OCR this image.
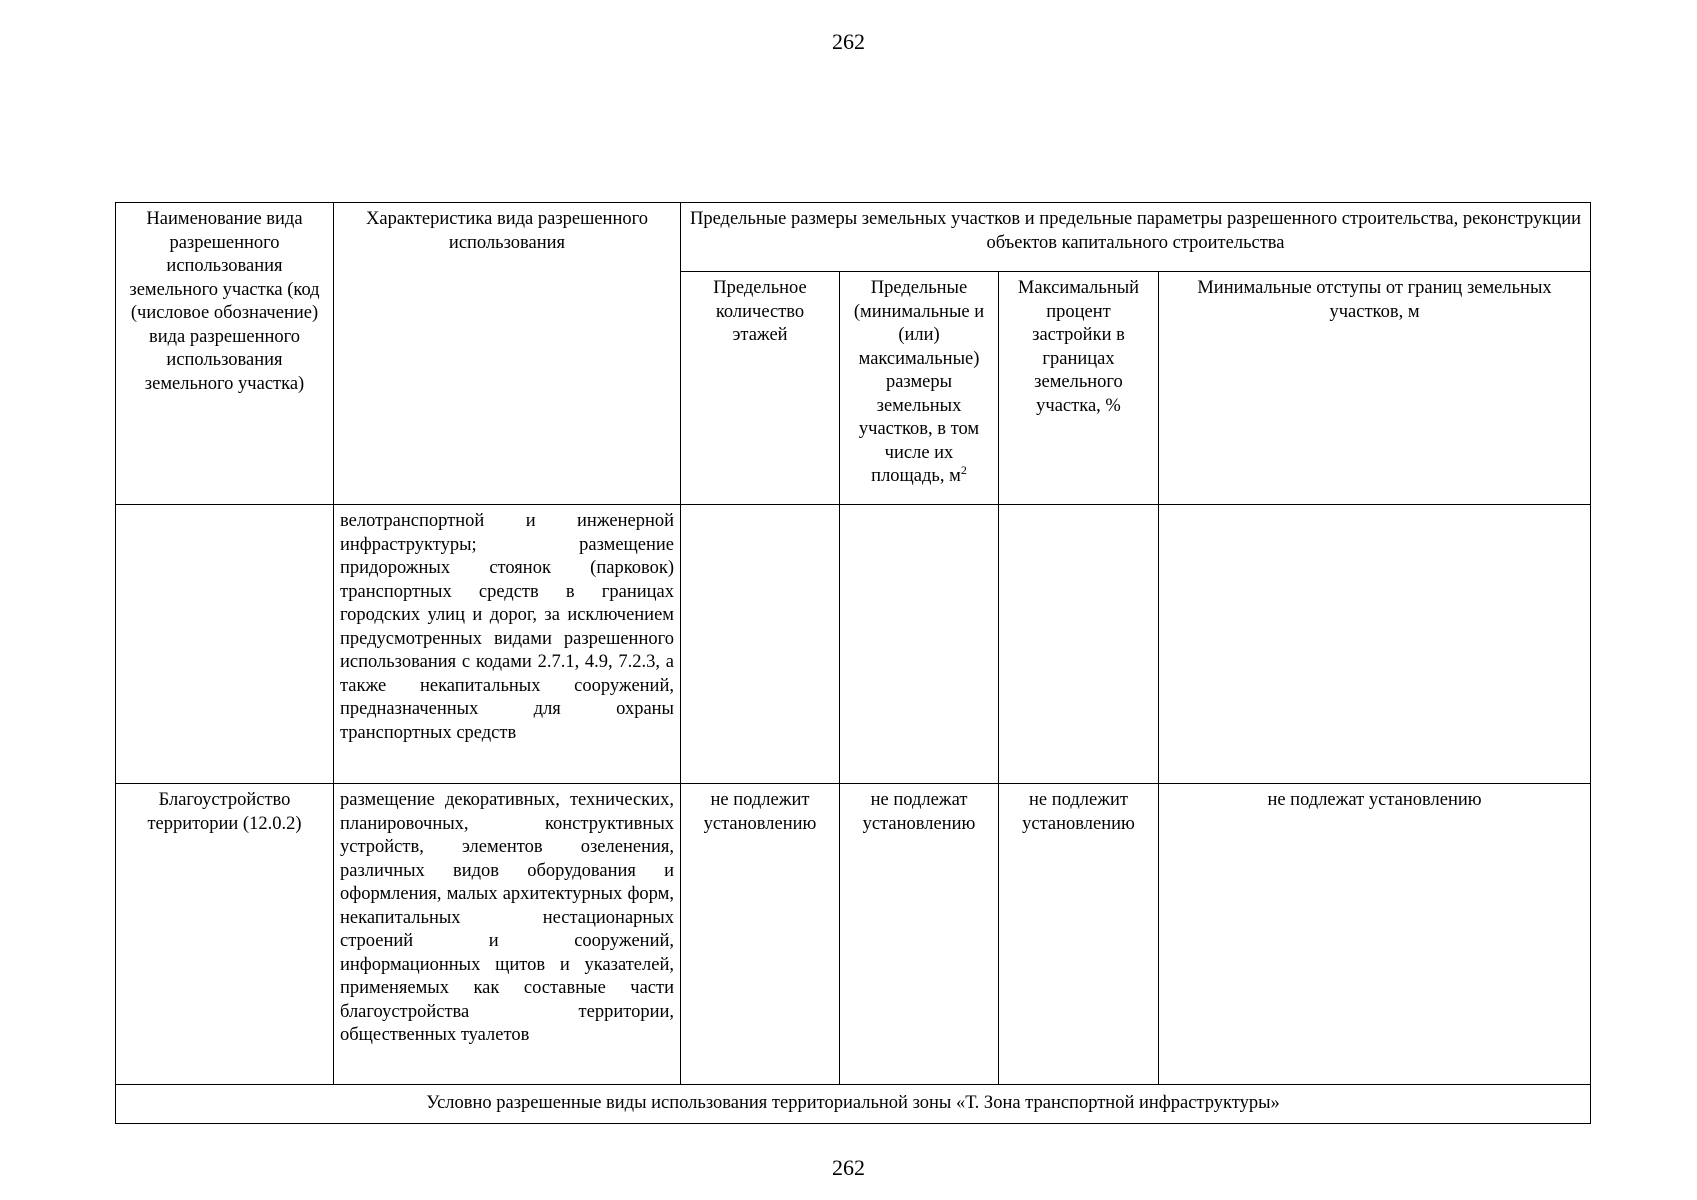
262
Наименование вида разрешенного использования земельного участка (код (числовое обозначение) вида разрешенного использования земельного участка)	Характеристика вида разрешенного использования	Предельные размеры земельных участков и предельные параметры разрешенного строительства, реконструкции объектов капитального строительства			
		Предельное количество этажей	Предельные (минимальные и (или) максимальные) размеры земельных участков, в том числе их площадь, $м^2$	Максимальный процент застройки в границах земельного участка, %	Минимальные отступы от границ земельных участков, м
	велотранспортной и инженерной инфраструктуры; размещение придорожных стоянок (парковок) транспортных средств в границах городских улиц и дорог, за исключением предусмотренных видами разрешенного использования с кодами 2.7.1, 4.9, 7.2.3, а также некапитальных сооружений, предназначенных для охраны транспортных средств				
Благоустройство территории (12.0.2)	размещение декоративных, технических, планировочных, конструктивных устройств, элементов озеленения, различных видов оборудования и оформления, малых архитектурных форм, некапитальных нестационарных строений и сооружений, информационных щитов и указателей, применяемых как составные части благоустройства территории, общественных туалетов	не подлежит установлению	не подлежат установлению	не подлежит установлению	не подлежат установлению
Условно разрешенные виды использования территориальной зоны «Т. Зона транспортной инфраструктуры»					
262
